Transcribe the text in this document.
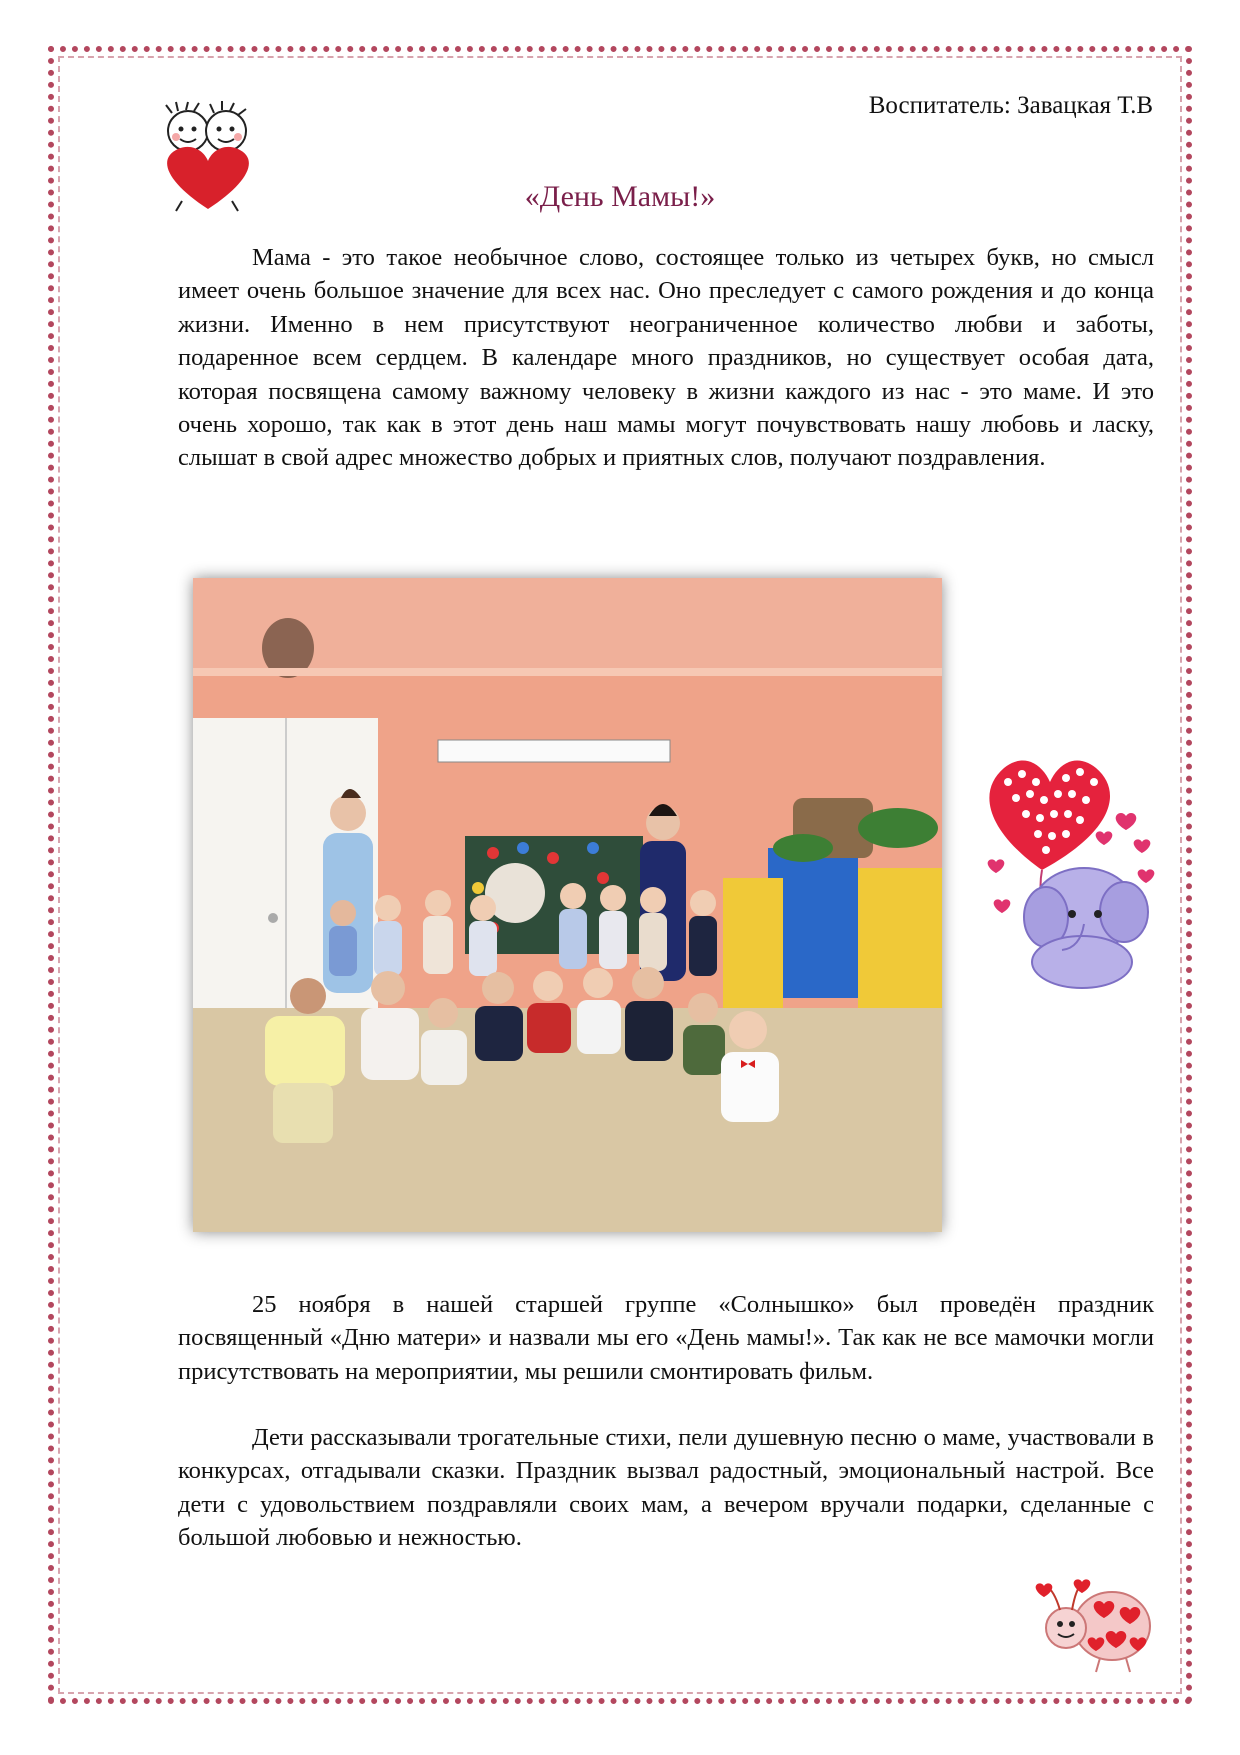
Воспитатель: Завацкая Т.В
«День Мамы!»

Мама - это такое необычное слово, состоящее только из четырех букв, но смысл имеет очень большое значение для всех нас. Оно преследует с самого рождения и до конца жизни. Именно в нем присутствуют неограниченное количество любви и заботы, подаренное всем сердцем. В календаре много праздников, но существует особая дата, которая посвящена самому важному человеку в жизни каждого из нас - это маме. И это очень хорошо, так как в этот день наш мамы могут почувствовать нашу любовь и ласку, слышат в свой адрес множество добрых и приятных слов, получают поздравления.

25 ноября в нашей старшей группе «Солнышко» был проведён праздник посвященный «Дню матери» и назвали мы его «День мамы!». Так как не все мамочки могли присутствовать на мероприятии, мы решили смонтировать фильм.

Дети рассказывали трогательные стихи, пели душевную песню о маме, участвовали в конкурсах, отгадывали сказки. Праздник вызвал радостный, эмоциональный настрой. Все дети с удовольствием поздравляли своих мам, а вечером вручали подарки, сделанные с большой любовью и нежностью.
